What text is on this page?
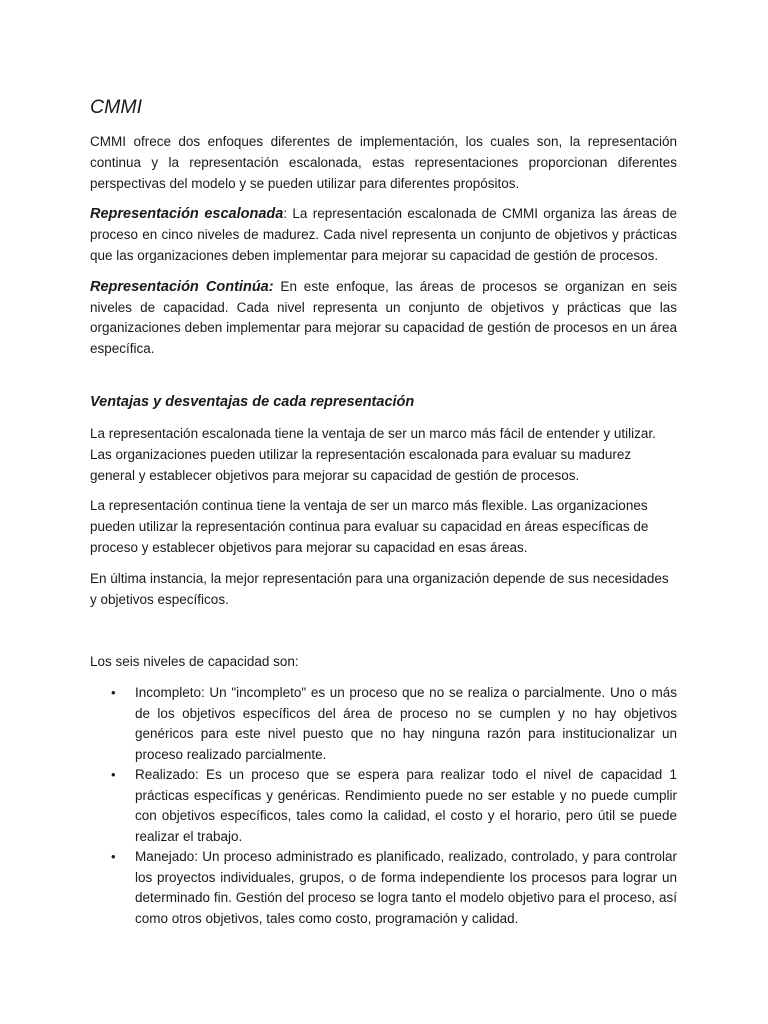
CMMI

CMMI ofrece dos enfoques diferentes de implementación, los cuales son, la representación continua y la representación escalonada, estas representaciones proporcionan diferentes perspectivas del modelo y se pueden utilizar para diferentes propósitos.

Representación escalonada: La representación escalonada de CMMI organiza las áreas de proceso en cinco niveles de madurez. Cada nivel representa un conjunto de objetivos y prácticas que las organizaciones deben implementar para mejorar su capacidad de gestión de procesos.

Representación Continúa: En este enfoque, las áreas de procesos se organizan en seis niveles de capacidad. Cada nivel representa un conjunto de objetivos y prácticas que las organizaciones deben implementar para mejorar su capacidad de gestión de procesos en un área específica.

Ventajas y desventajas de cada representación

La representación escalonada tiene la ventaja de ser un marco más fácil de entender y utilizar. Las organizaciones pueden utilizar la representación escalonada para evaluar su madurez general y establecer objetivos para mejorar su capacidad de gestión de procesos.

La representación continua tiene la ventaja de ser un marco más flexible. Las organizaciones pueden utilizar la representación continua para evaluar su capacidad en áreas específicas de proceso y establecer objetivos para mejorar su capacidad en esas áreas.

En última instancia, la mejor representación para una organización depende de sus necesidades y objetivos específicos.

Los seis niveles de capacidad son:

• Incompleto: Un "incompleto" es un proceso que no se realiza o parcialmente. Uno o más de los objetivos específicos del área de proceso no se cumplen y no hay objetivos genéricos para este nivel puesto que no hay ninguna razón para institucionalizar un proceso realizado parcialmente.
• Realizado: Es un proceso que se espera para realizar todo el nivel de capacidad 1 prácticas específicas y genéricas. Rendimiento puede no ser estable y no puede cumplir con objetivos específicos, tales como la calidad, el costo y el horario, pero útil se puede realizar el trabajo.
• Manejado: Un proceso administrado es planificado, realizado, controlado, y para controlar los proyectos individuales, grupos, o de forma independiente los procesos para lograr un determinado fin. Gestión del proceso se logra tanto el modelo objetivo para el proceso, así como otros objetivos, tales como costo, programación y calidad.
